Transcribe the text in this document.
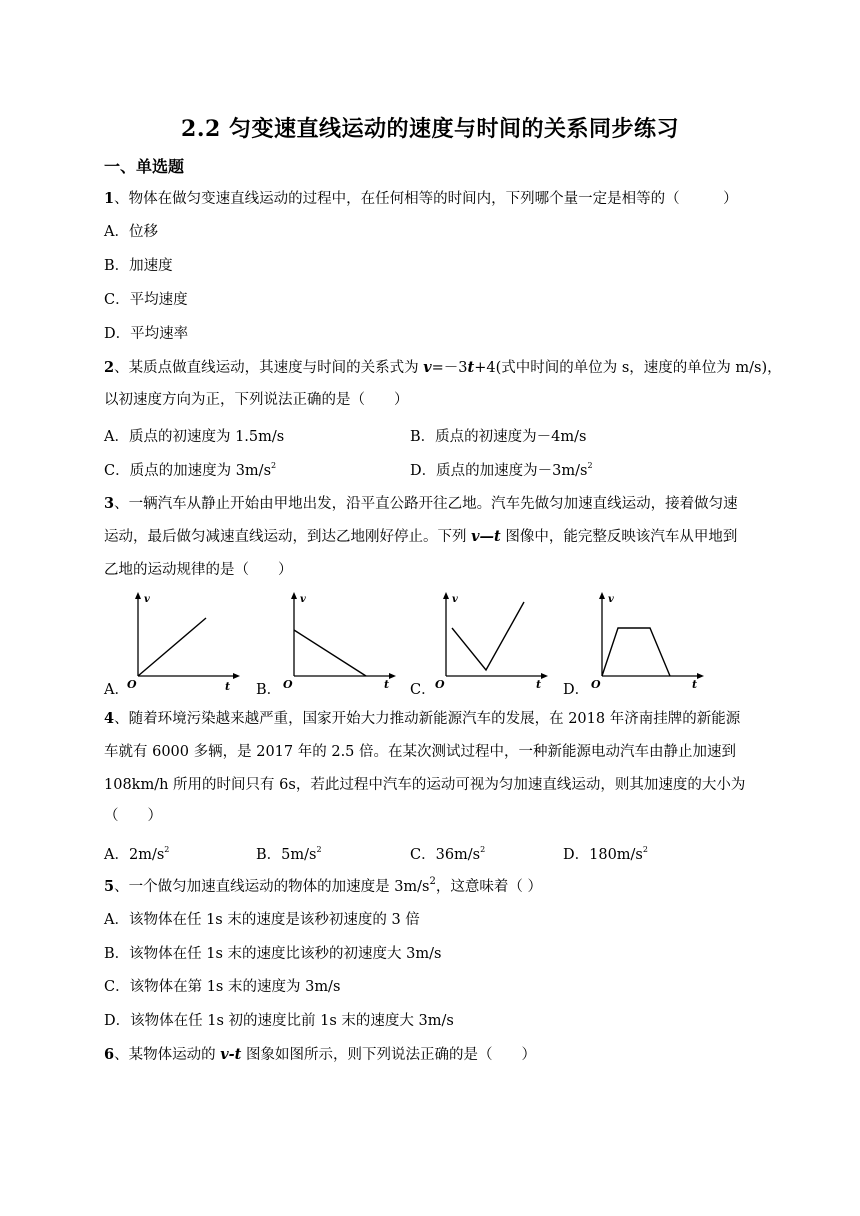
2.2 匀变速直线运动的速度与时间的关系同步练习
一、单选题
1、物体在做匀变速直线运动的过程中，在任何相等的时间内，下列哪个量一定是相等的（　　　）
A．位移
B．加速度
C．平均速度
D．平均速率
2、某质点做直线运动，其速度与时间的关系式为 v=－3t+4(式中时间的单位为 s，速度的单位为 m/s)，
以初速度方向为正，下列说法正确的是（　　）
A．质点的初速度为 1.5m/s	B．质点的初速度为－4m/s
C．质点的加速度为 $3m/s^2$	D．质点的加速度为$-3m/s^2$
3、一辆汽车从静止开始由甲地出发，沿平直公路开往乙地。汽车先做匀加速直线运动，接着做匀速
运动，最后做匀减速直线运动，到达乙地刚好停止。下列 v—t 图像中，能完整反映该汽车从甲地到
乙地的运动规律的是（　　）
A．
v
t
O	B．
v
t
O	C．
v
t
O	D．
v
t
O
4、随着环境污染越来越严重，国家开始大力推动新能源汽车的发展，在 2018 年济南挂牌的新能源
车就有 6000 多辆，是 2017 年的 2.5 倍。在某次测试过程中，一种新能源电动汽车由静止加速到
108km/h 所用的时间只有 6s，若此过程中汽车的运动可视为匀加速直线运动，则其加速度的大小为
（　　）
A．$2m/s^2$	B．$5m/s^2$	C．$36m/s^2$	D．$180m/s^2$
5、一个做匀加速直线运动的物体的加速度是 $3m/s^2$，这意味着（ ）
A．该物体在任 1s 末的速度是该秒初速度的 3 倍
B．该物体在任 1s 末的速度比该秒的初速度大 3m/s
C．该物体在第 1s 末的速度为 3m/s
D．该物体在任 1s 初的速度比前 1s 末的速度大 3m/s
6、某物体运动的 v-t 图象如图所示，则下列说法正确的是（　　）
